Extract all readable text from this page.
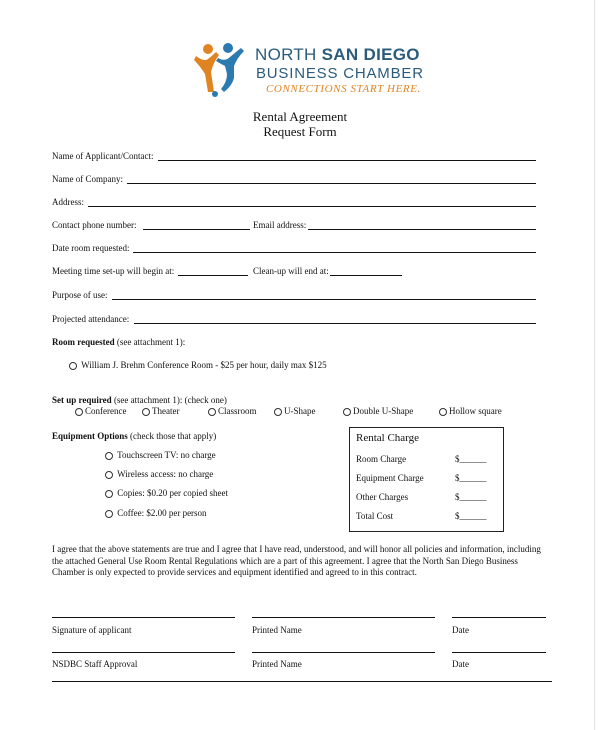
NORTH SAN DIEGO
BUSINESS CHAMBER
CONNECTIONS START HERE.
Rental Agreement
Request Form
Name of Applicant/Contact:
Name of Company:
Address:
Contact phone number:	Email address:
Date room requested:
Meeting time set-up will begin at:	Clean-up will end at:
Purpose of use:
Projected attendance:
Room requested (see attachment 1):
William J. Brehm Conference Room - $25 per hour, daily max $125
Set up required (see attachment 1): (check one)
Conference	Theater	Classroom	U-Shape	Double U-Shape	Hollow square
Equipment Options (check those that apply)
Touchscreen TV: no charge
Wireless access: no charge
Copies: $0.20 per copied sheet
Coffee: $2.00 per person
Rental Charge
Room Charge	$______
Equipment Charge	$______
Other Charges	$______
Total Cost	$______
I agree that the above statements are true and I agree that I have read, understood, and will honor all policies and information, including
the attached General Use Room Rental Regulations which are a part of this agreement. I agree that the North San Diego Business
Chamber is only expected to provide services and equipment identified and agreed to in this contract.
Signature of applicant	Printed Name	Date
NSDBC Staff Approval	Printed Name	Date
